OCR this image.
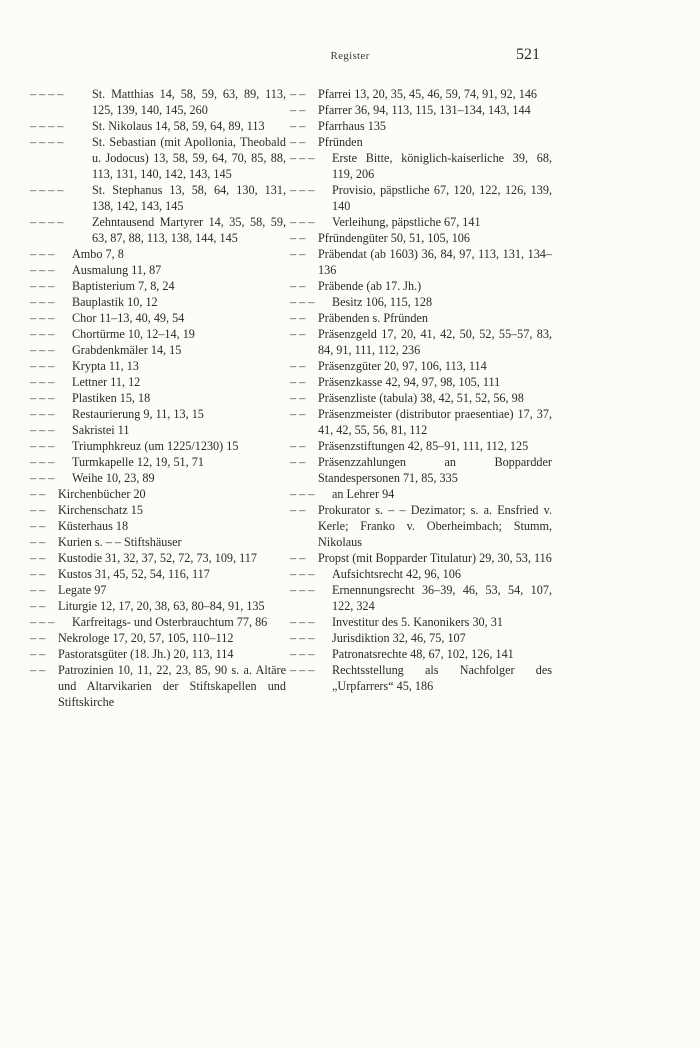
Register	521
– – – –	St. Matthias 14, 58, 59, 63, 89, 113, 125, 139, 140, 145, 260
– – – –	St. Nikolaus 14, 58, 59, 64, 89, 113
– – – –	St. Sebastian (mit Apollonia, Theobald u. Jodocus) 13, 58, 59, 64, 70, 85, 88, 113, 131, 140, 142, 143, 145
– – – –	St. Stephanus 13, 58, 64, 130, 131, 138, 142, 143, 145
– – – –	Zehntausend Martyrer 14, 35, 58, 59, 63, 87, 88, 113, 138, 144, 145
– – –	Ambo 7, 8
– – –	Ausmalung 11, 87
– – –	Baptisterium 7, 8, 24
– – –	Bauplastik 10, 12
– – –	Chor 11–13, 40, 49, 54
– – –	Chortürme 10, 12–14, 19
– – –	Grabdenkmäler 14, 15
– – –	Krypta 11, 13
– – –	Lettner 11, 12
– – –	Plastiken 15, 18
– – –	Restaurierung 9, 11, 13, 15
– – –	Sakristei 11
– – –	Triumphkreuz (um 1225/1230) 15
– – –	Turmkapelle 12, 19, 51, 71
– – –	Weihe 10, 23, 89
– –	Kirchenbücher 20
– –	Kirchenschatz 15
– –	Küsterhaus 18
– –	Kurien s. – – Stiftshäuser
– –	Kustodie 31, 32, 37, 52, 72, 73, 109, 117
– –	Kustos 31, 45, 52, 54, 116, 117
– –	Legate 97
– –	Liturgie 12, 17, 20, 38, 63, 80–84, 91, 135
– – –	Karfreitags- und Osterbrauchtum 77, 86
– –	Nekrologe 17, 20, 57, 105, 110–112
– –	Pastoratsgüter (18. Jh.) 20, 113, 114
– –	Patrozinien 10, 11, 22, 23, 85, 90 s. a. Altäre und Altarvikarien der Stiftskapellen und Stiftskirche
– –	Pfarrei 13, 20, 35, 45, 46, 59, 74, 91, 92, 146
– –	Pfarrer 36, 94, 113, 115, 131–134, 143, 144
– –	Pfarrhaus 135
– –	Pfründen
– – –	Erste Bitte, königlich-kaiserliche 39, 68, 119, 206
– – –	Provisio, päpstliche 67, 120, 122, 126, 139, 140
– – –	Verleihung, päpstliche 67, 141
– –	Pfründengüter 50, 51, 105, 106
– –	Präbendat (ab 1603) 36, 84, 97, 113, 131, 134–136
– –	Präbende (ab 17. Jh.)
– – –	Besitz 106, 115, 128
– –	Präbenden s. Pfründen
– –	Präsenzgeld 17, 20, 41, 42, 50, 52, 55–57, 83, 84, 91, 111, 112, 236
– –	Präsenzgüter 20, 97, 106, 113, 114
– –	Präsenzkasse 42, 94, 97, 98, 105, 111
– –	Präsenzliste (tabula) 38, 42, 51, 52, 56, 98
– –	Präsenzmeister (distributor praesentiae) 17, 37, 41, 42, 55, 56, 81, 112
– –	Präsenzstiftungen 42, 85–91, 111, 112, 125
– –	Präsenzzahlungen an Boppardder Standespersonen 71, 85, 335
– – –	an Lehrer 94
– –	Prokurator s. – – Dezimator; s. a. Ensfried v. Kerle; Franko v. Oberheimbach; Stumm, Nikolaus
– –	Propst (mit Bopparder Titulatur) 29, 30, 53, 116
– – –	Aufsichtsrecht 42, 96, 106
– – –	Ernennungsrecht 36–39, 46, 53, 54, 107, 122, 324
– – –	Investitur des 5. Kanonikers 30, 31
– – –	Jurisdiktion 32, 46, 75, 107
– – –	Patronatsrechte 48, 67, 102, 126, 141
– – –	Rechtsstellung als Nachfolger des „Urpfarrers“ 45, 186
